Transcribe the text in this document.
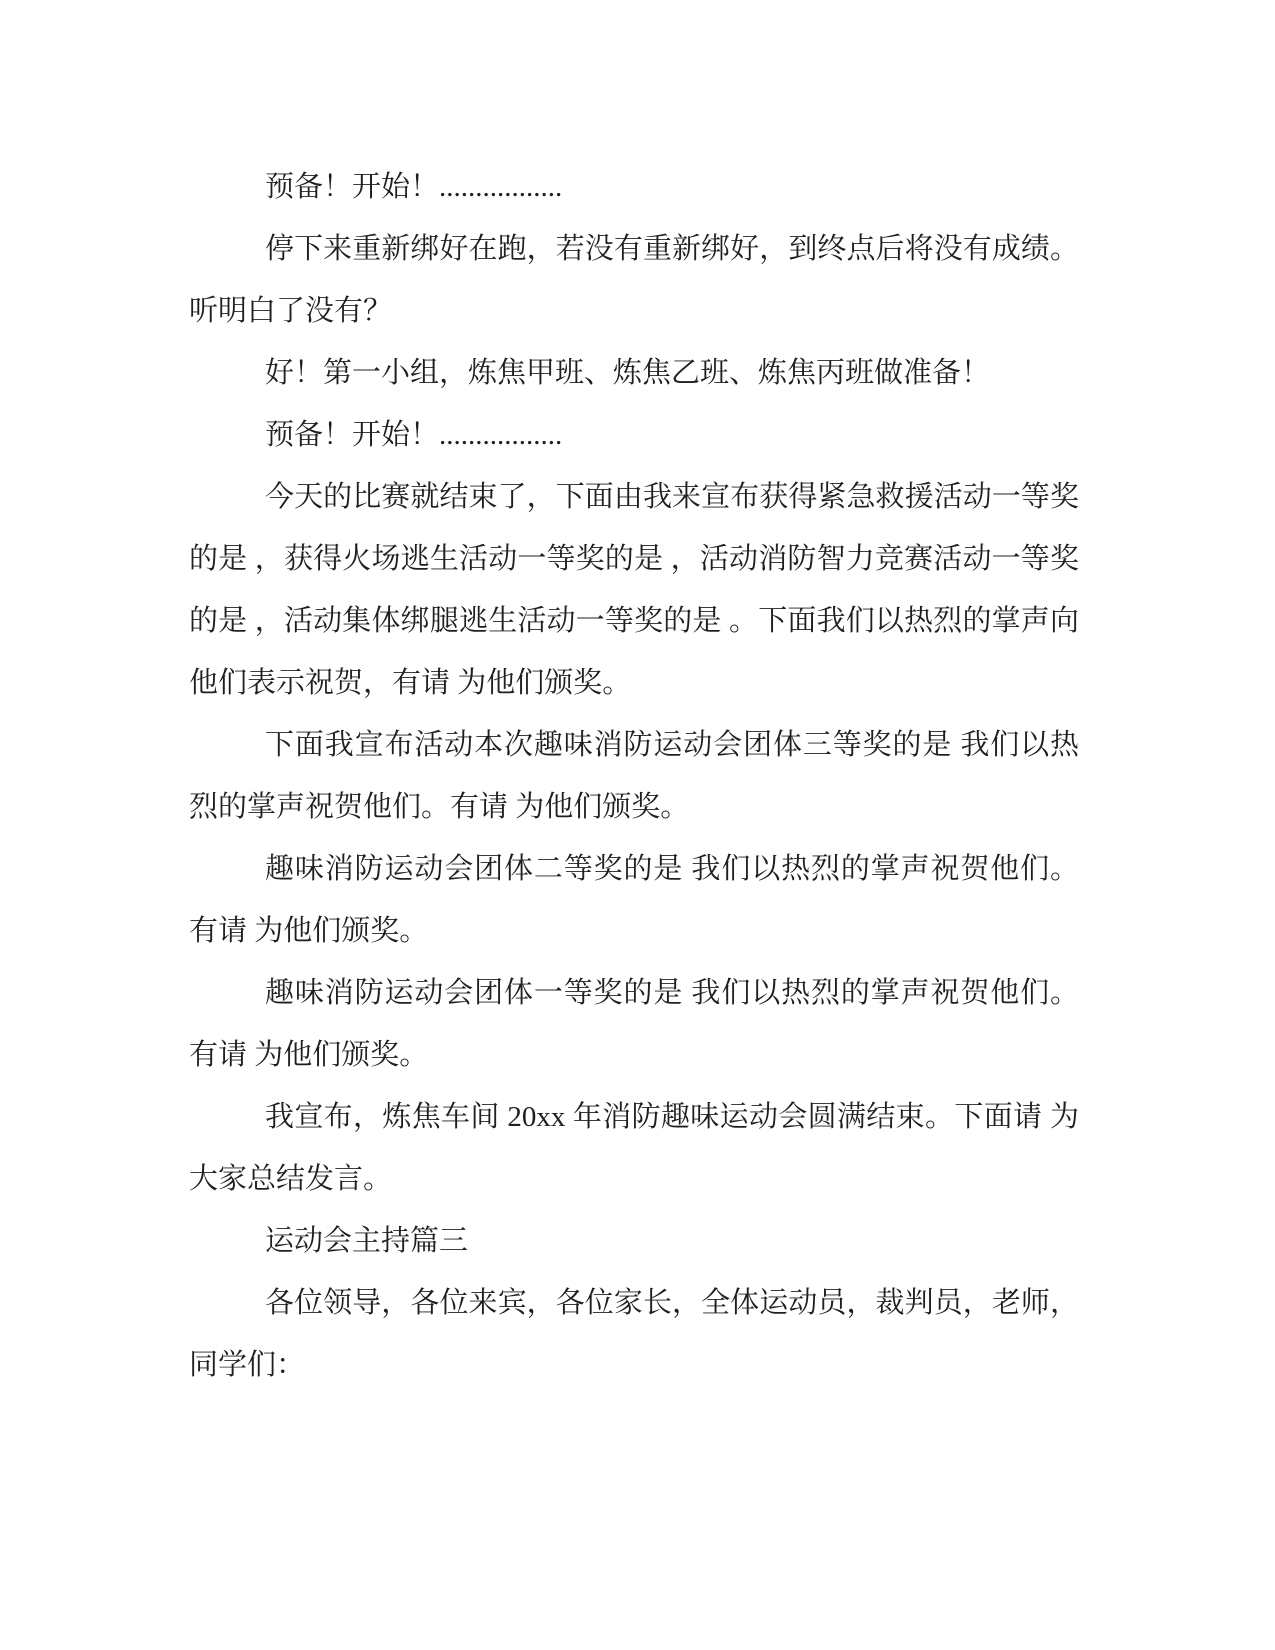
预备！开始！.................

停下来重新绑好在跑，若没有重新绑好，到终点后将没有成绩。听明白了没有？

好！第一小组，炼焦甲班、炼焦乙班、炼焦丙班做准备！

预备！开始！.................

今天的比赛就结束了，下面由我来宣布获得紧急救援活动一等奖的是 ，获得火场逃生活动一等奖的是 ，活动消防智力竞赛活动一等奖的是 ，活动集体绑腿逃生活动一等奖的是 。下面我们以热烈的掌声向他们表示祝贺，有请 为他们颁奖。

下面我宣布活动本次趣味消防运动会团体三等奖的是 我们以热烈的掌声祝贺他们。有请 为他们颁奖。

趣味消防运动会团体二等奖的是 我们以热烈的掌声祝贺他们。有请 为他们颁奖。

趣味消防运动会团体一等奖的是 我们以热烈的掌声祝贺他们。有请 为他们颁奖。

我宣布，炼焦车间 20xx 年消防趣味运动会圆满结束。下面请 为大家总结发言。

运动会主持篇三

各位领导，各位来宾，各位家长，全体运动员，裁判员，老师，同学们：
